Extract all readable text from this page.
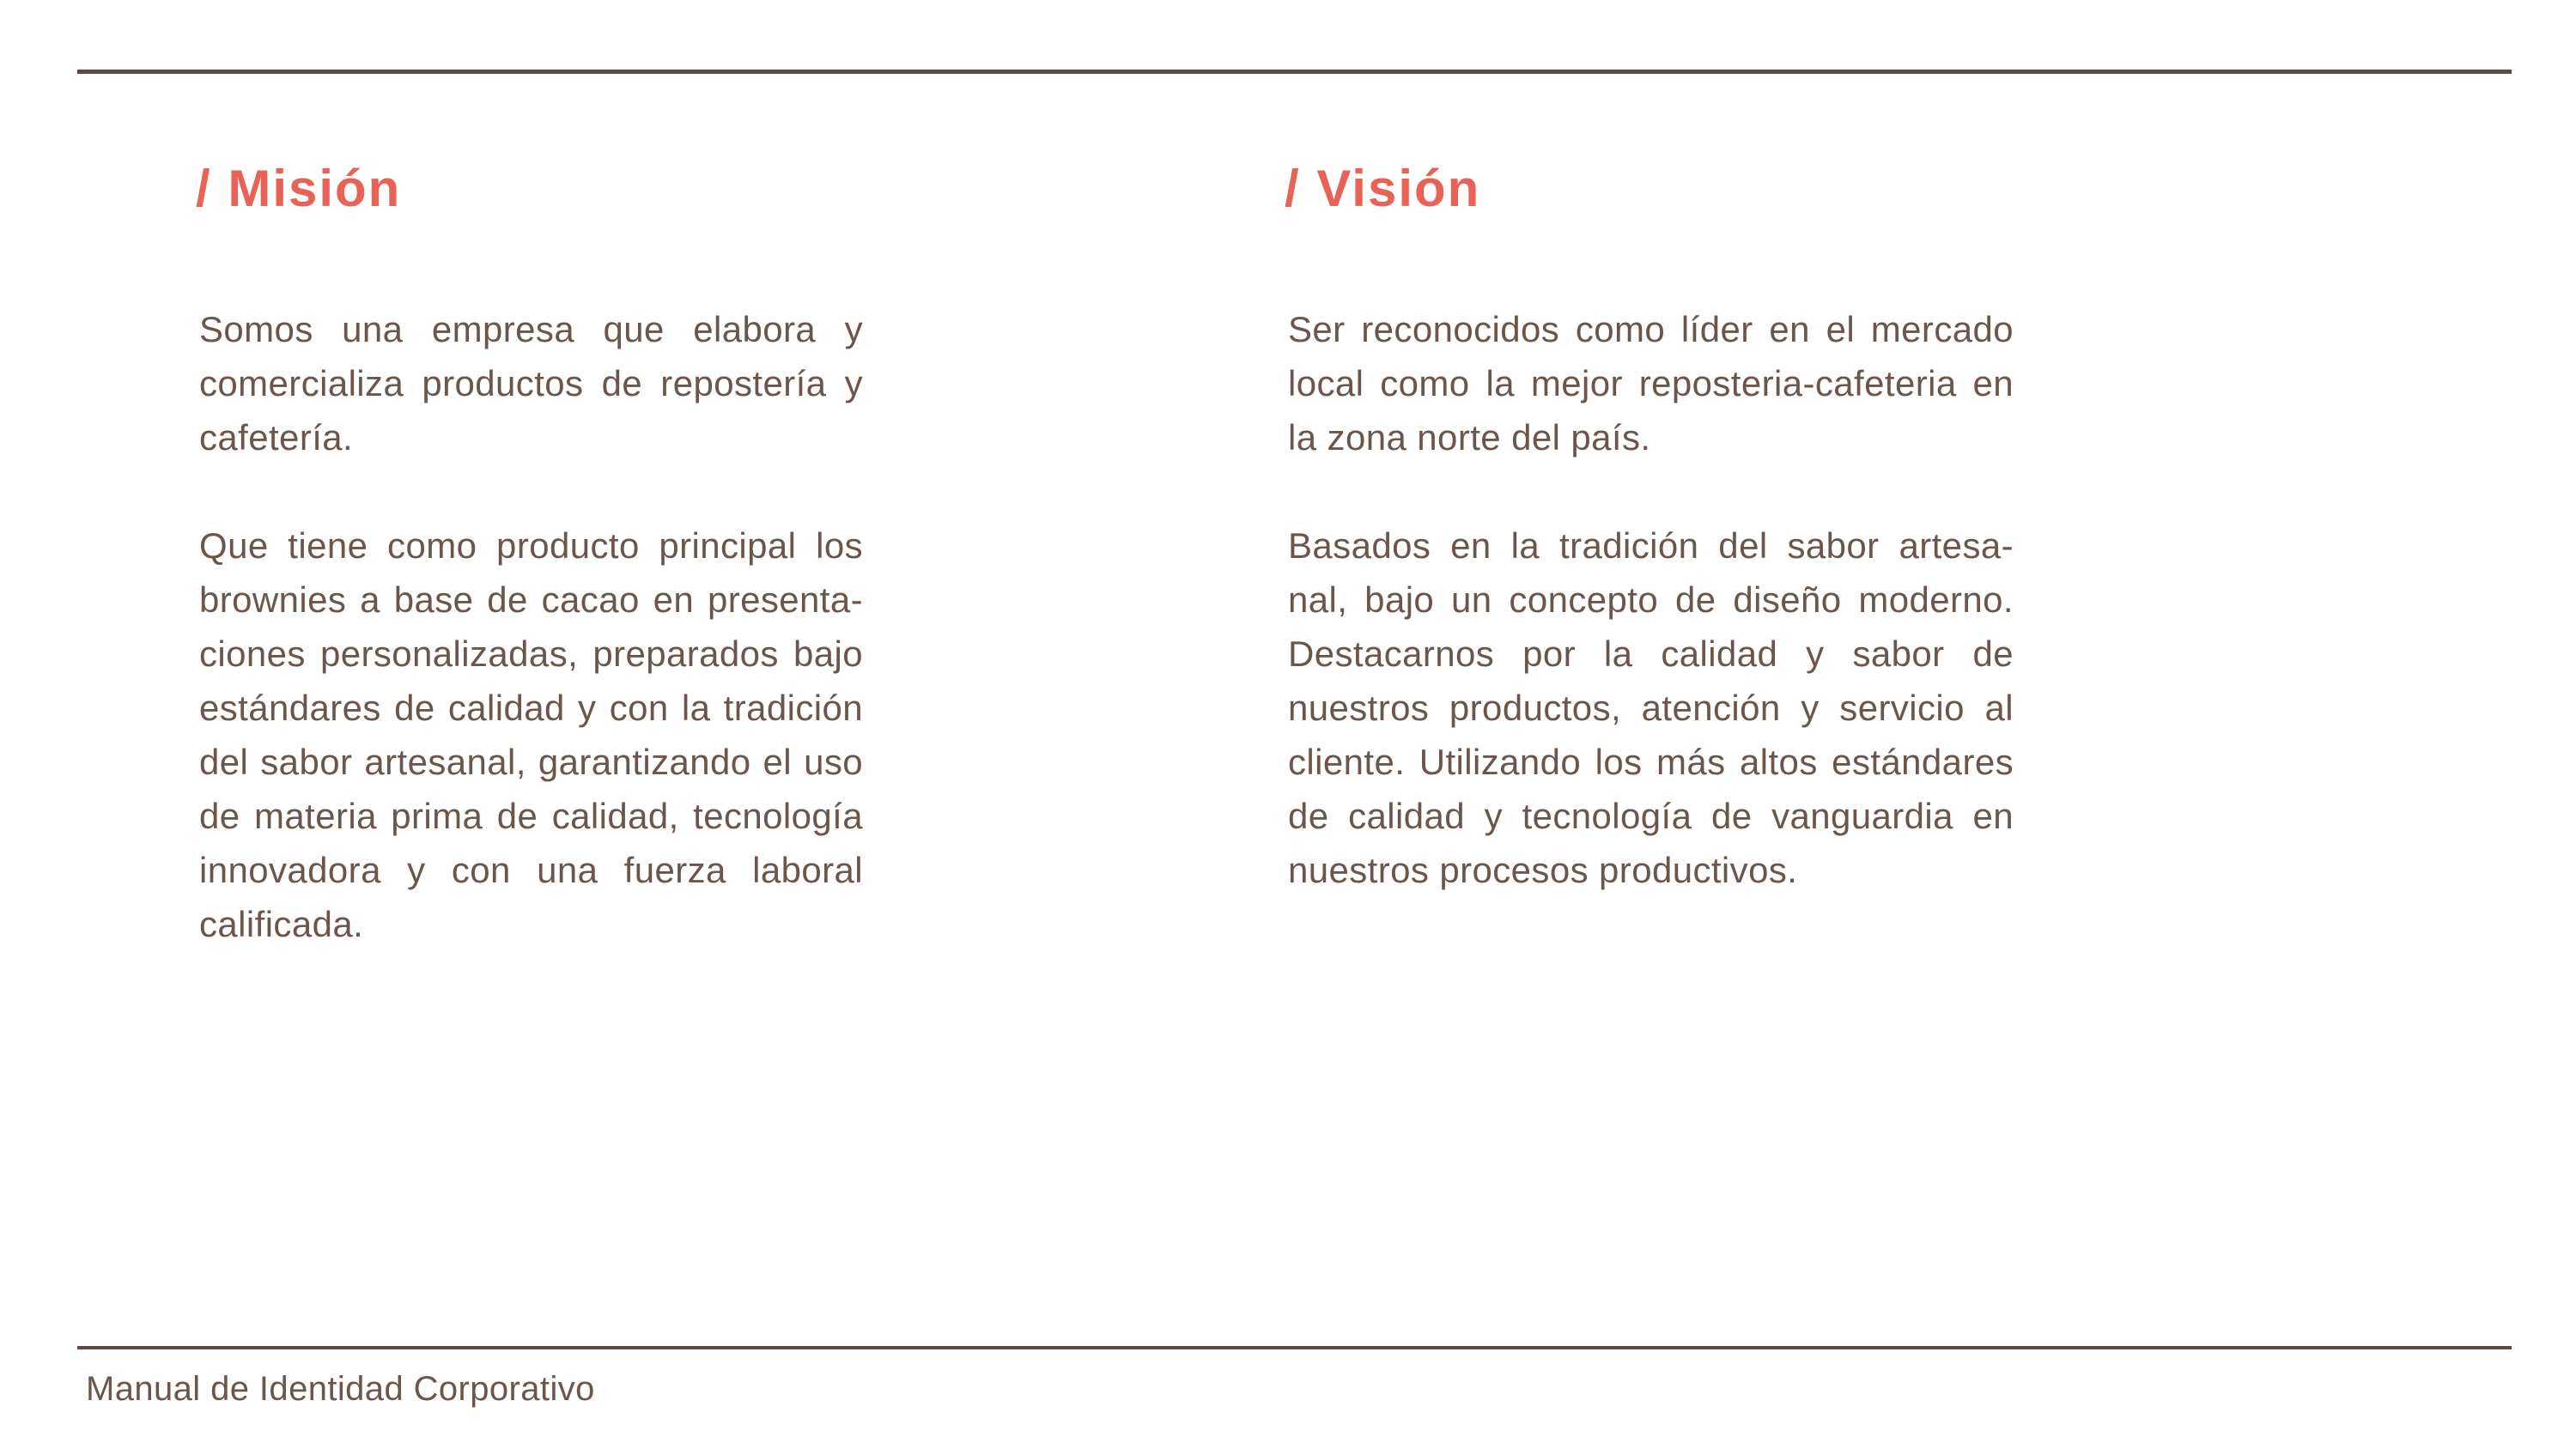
/ Misión	/ Visión
Somos una empresa que elabora y
comercializa productos de repostería y
cafetería.
Que tiene como producto principal los
brownies a base de cacao en presenta-
ciones personalizadas, preparados bajo
estándares de calidad y con la tradición
del sabor artesanal, garantizando el uso
de materia prima de calidad, tecnología
innovadora y con una fuerza laboral
calificada.
Ser reconocidos como líder en el mercado
local como la mejor reposteria-cafeteria en
la zona norte del país.
Basados en la tradición del sabor artesa-
nal, bajo un concepto de diseño moderno.
Destacarnos por la calidad y sabor de
nuestros productos, atención y servicio al
cliente. Utilizando los más altos estándares
de calidad y tecnología de vanguardia en
nuestros procesos productivos.
Manual de Identidad Corporativo
